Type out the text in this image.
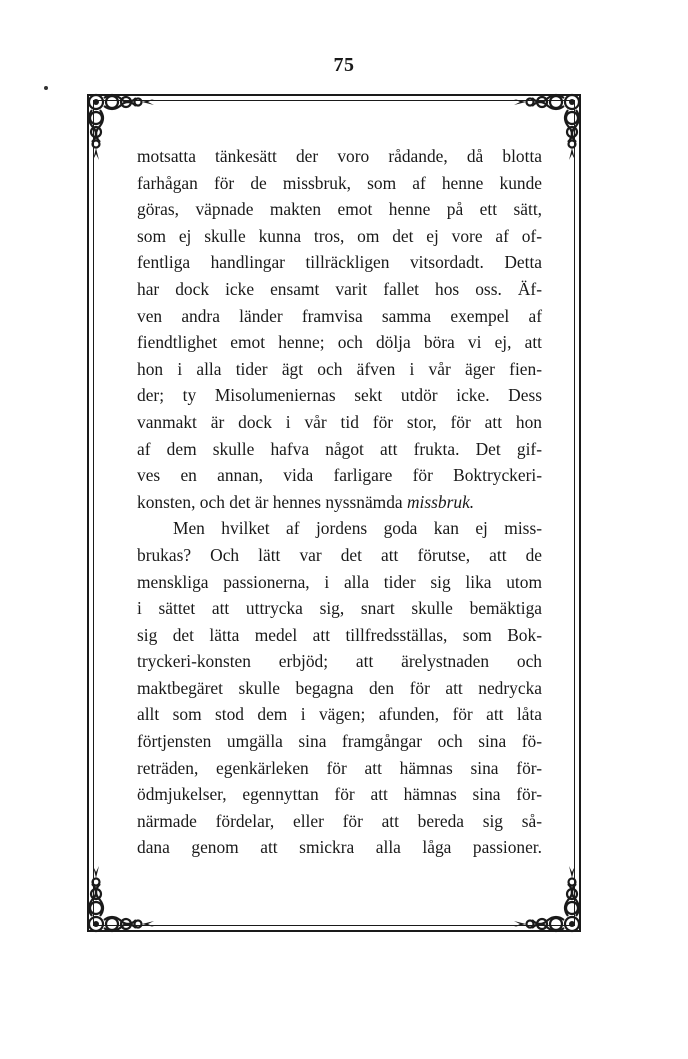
75
motsatta tänkesätt der voro rådande, då blotta
farhågan för de missbruk, som af henne kunde
göras, väpnade makten emot henne på ett sätt,
som ej skulle kunna tros, om det ej vore af of-
fentliga handlingar tillräckligen vitsordadt. Detta
har dock icke ensamt varit fallet hos oss. Äf-
ven andra länder framvisa samma exempel af
fiendtlighet emot henne; och dölja böra vi ej, att
hon i alla tider ägt och äfven i vår äger fien-
der; ty Misolumeniernas sekt utdör icke. Dess
vanmakt är dock i vår tid för stor, för att hon
af dem skulle hafva något att frukta. Det gif-
ves en annan, vida farligare för Boktryckeri-
konsten, och det är hennes nyssnämda missbruk.
Men hvilket af jordens goda kan ej miss-
brukas? Och lätt var det att förutse, att de
menskliga passionerna, i alla tider sig lika utom
i sättet att uttrycka sig, snart skulle bemäktiga
sig det lätta medel att tillfredsställas, som Bok-
tryckeri-konsten erbjöd; att ärelystnaden och
maktbegäret skulle begagna den för att nedrycka
allt som stod dem i vägen; afunden, för att låta
förtjensten umgälla sina framgångar och sina fö-
reträden, egenkärleken för att hämnas sina för-
ödmjukelser, egennyttan för att hämnas sina för-
närmade fördelar, eller för att bereda sig så-
dana genom att smickra alla låga passioner.
